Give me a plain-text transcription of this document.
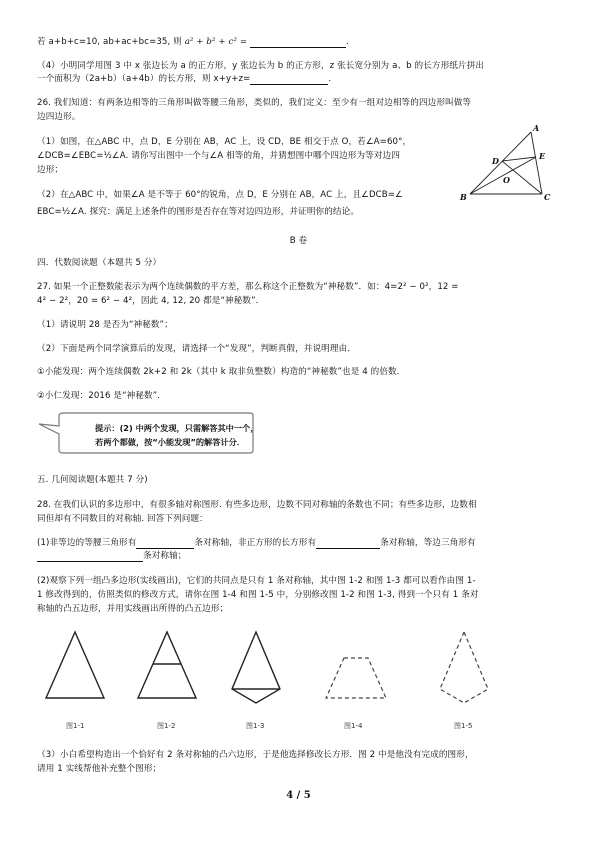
若 a+b+c=10, ab+ac+bc=35, 则 a² + b² + c² =	.
（4）小明同学用图 3 中 x 张边长为 a 的正方形，y 张边长为 b 的正方形，z 张长宽分别为 a、b 的长方形纸片拼出
一个面积为（2a+b）（a+4b）的长方形，则 x+y+z=	.
26. 我们知道：有两条边相等的三角形叫做等腰三角形，类似的，我们定义：至少有一组对边相等的四边形叫做等
边四边形。
（1）如图，在△ABC 中，点 D，E 分别在 AB，AC 上，设 CD，BE 相交于点 O，若∠A=60°，
∠DCB=∠EBC=½∠A. 请你写出图中一个与∠A 相等的角，并猜想图中哪个四边形为等对边四
边形；
（2）在△ABC 中，如果∠A 是不等于 60°的锐角，点 D，E 分别在 AB，AC 上，且∠DCB=∠
EBC=½∠A. 探究：满足上述条件的图形是否存在等对边四边形，并证明你的结论。
A
B	C
D	E
O
B 卷
四．代数阅读题（本题共 5 分）
27. 如果一个正整数能表示为两个连续偶数的平方差，那么称这个正整数为“神秘数”．如：4=2² − 0²，12 =
4² − 2²，20 = 6² − 4²，因此 4, 12, 20 都是“神秘数”．
（1）请说明 28 是否为“神秘数”；
（2）下面是两个同学演算后的发现，请选择一个“发现”，判断真假，并说明理由．
①小能发现：两个连续偶数 2k+2 和 2k（其中 k 取非负整数）构造的“神秘数”也是 4 的倍数．
②小仁发现：2016 是“神秘数”．
提示：(2) 中两个发现，只需解答其中一个，
若两个都做，按“小能发现”的解答计分．
五. 几何阅读题(本题共 7 分)
28. 在我们认识的多边形中，有很多轴对称图形. 有些多边形，边数不同对称轴的条数也不同；有些多边形，边数相
同但却有不同数目的对称轴. 回答下列问题：
(1)非等边的等腰三角形有	条对称轴，非正方形的长方形有	条对称轴，等边三角形有
条对称轴；
(2)观察下列一组凸多边形(实线画出)，它们的共同点是只有 1 条对称轴，其中图 1-2 和图 1-3 都可以看作由图 1-
1 修改得到的，仿照类似的修改方式，请你在图 1-4 和图 1-5 中，分别修改图 1-2 和图 1-3, 得到一个只有 1 条对
称轴的凸五边形，并用实线画出所得的凸五边形；
图1-1	图1-2	图1-3	图1-4	图1-5
（3）小白希望构造出一个恰好有 2 条对称轴的凸六边形，于是他选择修改长方形．图 2 中是他没有完成的图形，
请用 1 实线帮他补充整个图形；
4 / 5
